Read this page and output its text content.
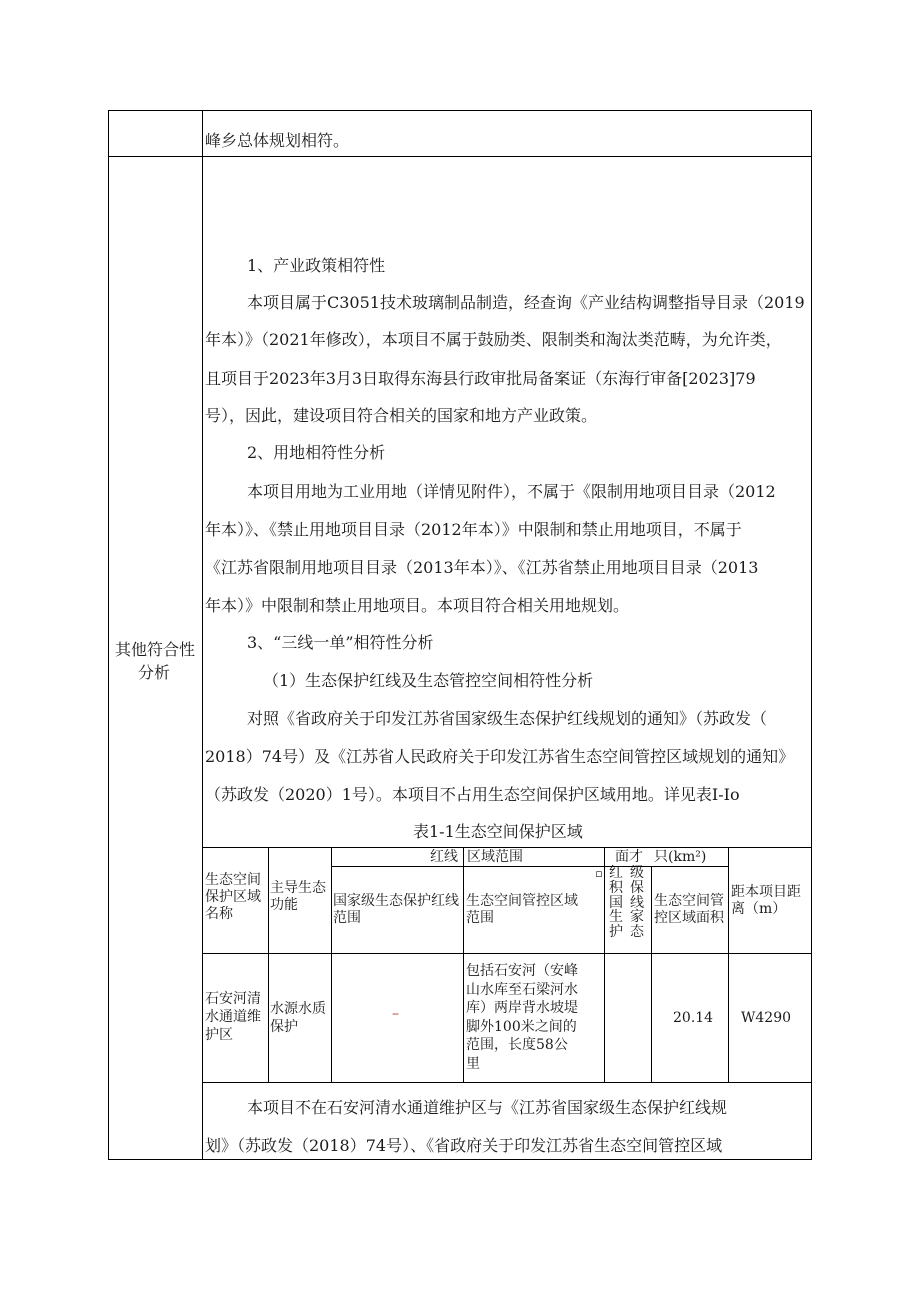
峰乡总体规划相符。
其他符合性
分析
1、产业政策相符性
本项目属于C3051技术玻璃制品制造，经查询《产业结构调整指导目录（2019
年本）》（2021年修改），本项目不属于鼓励类、限制类和淘汰类范畴，为允许类，
且项目于2023年3月3日取得东海县行政审批局备案证（东海行审备[2023]79
号），因此，建设项目符合相关的国家和地方产业政策。
2、用地相符性分析
本项目用地为工业用地（详情见附件），不属于《限制用地项目目录（2012
年本）》、《禁止用地项目目录（2012年本）》中限制和禁止用地项目，不属于
《江苏省限制用地项目目录（2013年本）》、《江苏省禁止用地项目目录（2013
年本）》中限制和禁止用地项目。本项目符合相关用地规划。
3、“三线一单”相符性分析
（1）生态保护红线及生态管控空间相符性分析
对照《省政府关于印发江苏省国家级生态保护红线规划的通知》（苏政发（
2018）74号）及《江苏省人民政府关于印发江苏省生态空间管控区域规划的通知》
（苏政发（2020）1号）。本项目不占用生态空间保护区域用地。详见表I-Io
表1-1生态空间保护区域
生态空间
保护区域
名称
主导生态
功能
红线 区域范围	面才 只(km²)
国家级生态保护红线
范围
生态空间管控区域
范围
▫ 红
积
国
生
护
级
保
线
家
态
生态空间管
控区域面积
距本项目距
离（m）
石安河清
水通道维
护区
水源水质
保护
–
包括石安河（安峰
山水库至石梁河水
库）两岸背水坡堤
脚外100米之间的
范围，长度58公
里
20.14 W4290
本项目不在石安河清水通道维护区与《江苏省国家级生态保护红线规
划》（苏政发（2018）74号）、《省政府关于印发江苏省生态空间管控区域
